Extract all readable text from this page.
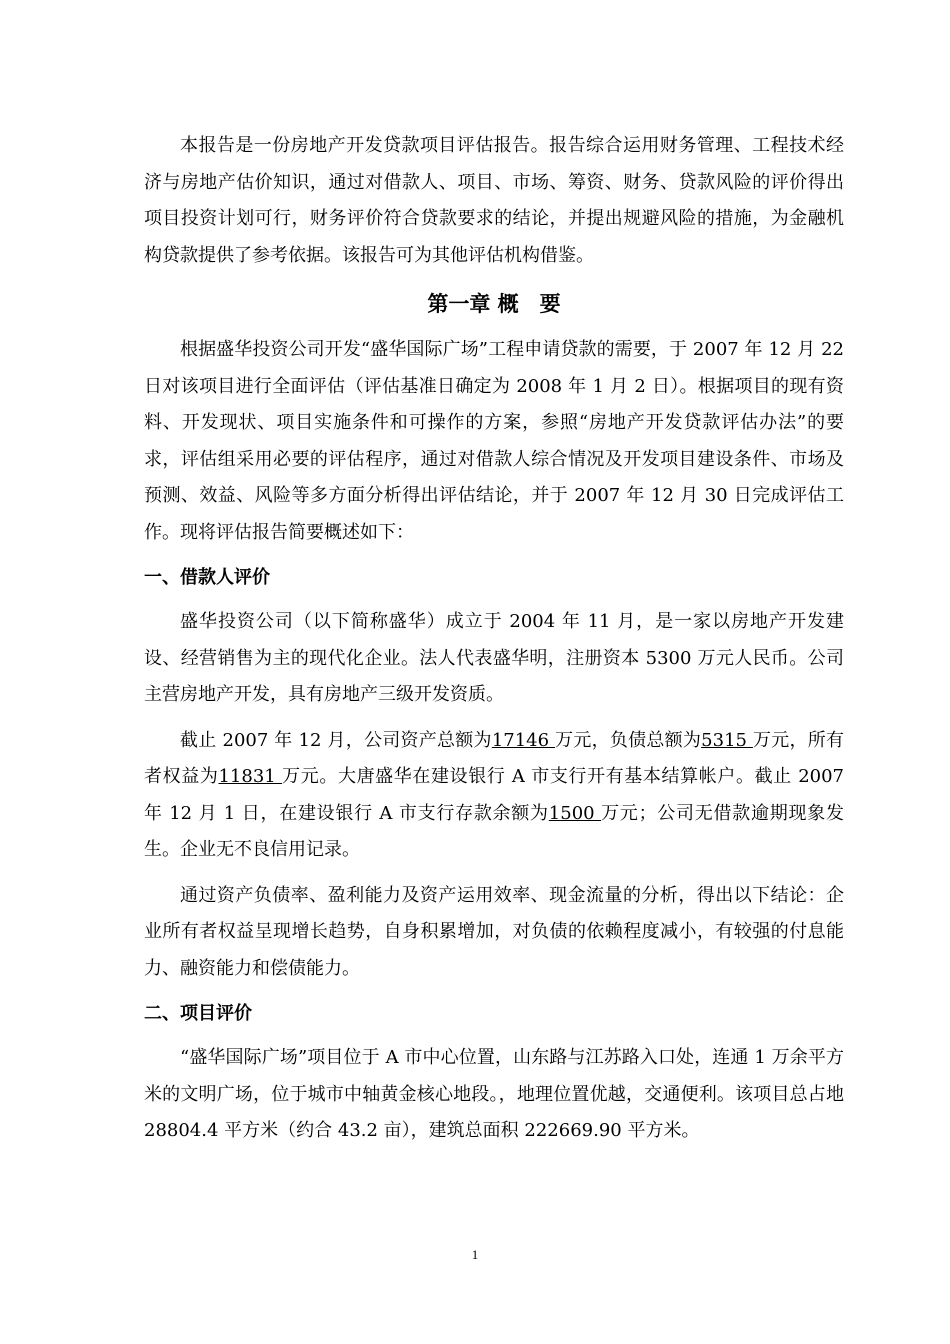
本报告是一份房地产开发贷款项目评估报告。报告综合运用财务管理、工程技术经济与房地产估价知识，通过对借款人、项目、市场、筹资、财务、贷款风险的评价得出项目投资计划可行，财务评价符合贷款要求的结论，并提出规避风险的措施，为金融机构贷款提供了参考依据。该报告可为其他评估机构借鉴。

第一章 概　要

根据盛华投资公司开发“盛华国际广场”工程申请贷款的需要，于 2007 年 12 月 22 日对该项目进行全面评估（评估基准日确定为 2008 年 1 月 2 日）。根据项目的现有资料、开发现状、项目实施条件和可操作的方案，参照“房地产开发贷款评估办法”的要求，评估组采用必要的评估程序，通过对借款人综合情况及开发项目建设条件、市场及预测、效益、风险等多方面分析得出评估结论，并于 2007 年 12 月 30 日完成评估工作。现将评估报告简要概述如下：

一、借款人评价

盛华投资公司（以下简称盛华）成立于 2004 年 11 月，是一家以房地产开发建设、经营销售为主的现代化企业。法人代表盛华明，注册资本 5300 万元人民币。公司主营房地产开发，具有房地产三级开发资质。

截止 2007 年 12 月，公司资产总额为17146 万元，负债总额为5315 万元，所有者权益为11831 万元。大唐盛华在建设银行 A 市支行开有基本结算帐户。截止 2007 年 12 月 1 日，在建设银行 A 市支行存款余额为1500 万元；公司无借款逾期现象发生。企业无不良信用记录。

通过资产负债率、盈利能力及资产运用效率、现金流量的分析，得出以下结论：企业所有者权益呈现增长趋势，自身积累增加，对负债的依赖程度减小，有较强的付息能力、融资能力和偿债能力。

二、项目评价

“盛华国际广场”项目位于 A 市中心位置，山东路与江苏路入口处，连通 1 万余平方米的文明广场，位于城市中轴黄金核心地段。，地理位置优越，交通便利。该项目总占地 28804.4 平方米（约合 43.2 亩），建筑总面积 222669.90 平方米。

1
